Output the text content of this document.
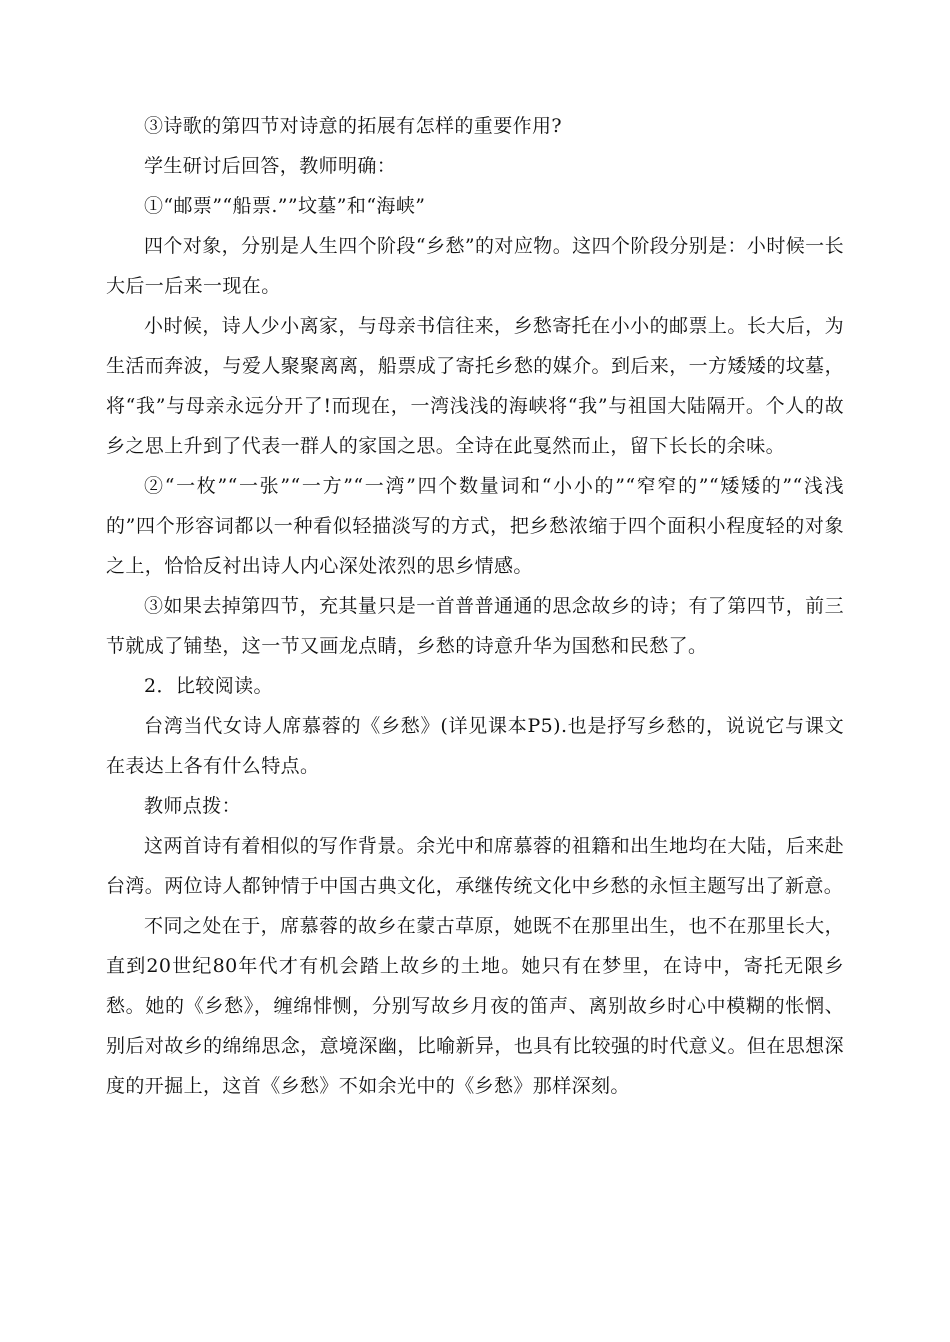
③诗歌的第四节对诗意的拓展有怎样的重要作用?

学生研讨后回答，教师明确：

①“邮票”“船票.””坟墓”和“海峡”

四个对象，分别是人生四个阶段“乡愁”的对应物。这四个阶段分别是：小时候一长大后一后来一现在。

小时候，诗人少小离家，与母亲书信往来，乡愁寄托在小小的邮票上。长大后，为生活而奔波，与爱人聚聚离离，船票成了寄托乡愁的媒介。到后来，一方矮矮的坟墓，将“我”与母亲永远分开了!而现在，一湾浅浅的海峡将“我”与祖国大陆隔开。个人的故乡之思上升到了代表一群人的家国之思。全诗在此戛然而止，留下长长的余味。

②“一枚”“一张”“一方”“一湾”四个数量词和“小小的”“窄窄的”“矮矮的”“浅浅的”四个形容词都以一种看似轻描淡写的方式，把乡愁浓缩于四个面积小程度轻的对象之上，恰恰反衬出诗人内心深处浓烈的思乡情感。

③如果去掉第四节，充其量只是一首普普通通的思念故乡的诗；有了第四节，前三节就成了铺垫，这一节又画龙点睛，乡愁的诗意升华为国愁和民愁了。

2．比较阅读。

台湾当代女诗人席慕蓉的《乡愁》(详见课本P5).也是抒写乡愁的，说说它与课文在表达上各有什么特点。

教师点拨：

这两首诗有着相似的写作背景。余光中和席慕蓉的祖籍和出生地均在大陆，后来赴台湾。两位诗人都钟情于中国古典文化，承继传统文化中乡愁的永恒主题写出了新意。

不同之处在于，席慕蓉的故乡在蒙古草原，她既不在那里出生，也不在那里长大，直到20世纪80年代才有机会踏上故乡的土地。她只有在梦里，在诗中，寄托无限乡愁。她的《乡愁》，缠绵悱恻，分别写故乡月夜的笛声、离别故乡时心中模糊的怅惘、别后对故乡的绵绵思念，意境深幽，比喻新异，也具有比较强的时代意义。但在思想深度的开掘上，这首《乡愁》不如余光中的《乡愁》那样深刻。
